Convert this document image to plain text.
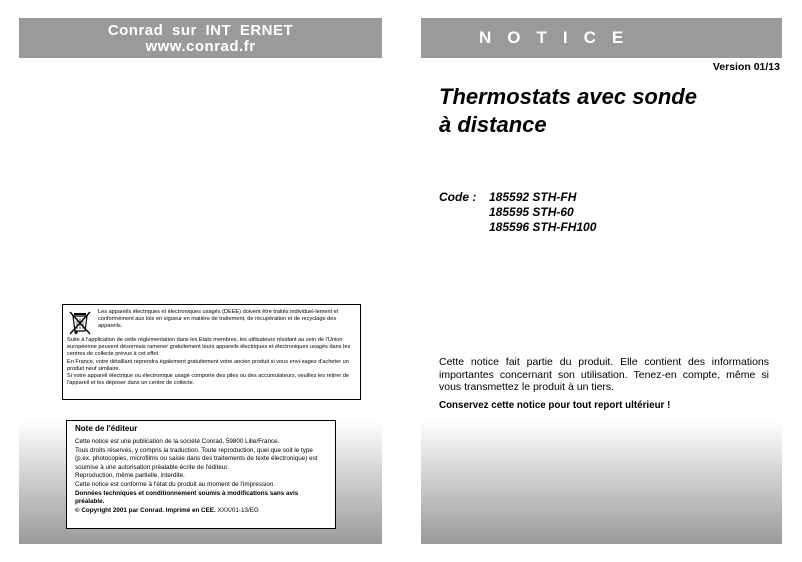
Conrad sur INT ERNET
www.conrad.fr
Les appareils électriques et électroniques usagés (DEEE) doivent être traités individuel-lement et conformément aux lois en vigueur en matière de traitement, de récupération et de recyclage des appareils.

Suite à l'application de cette réglementation dans les Etats membres, les utilisateurs résidant au sein de l'Union européenne peuvent désormais ramener gratuitement leurs appareils électriques et électroniques usagés dans les centres de collecte prévus à cet effet.

En France, votre détaillant reprendra également gratuitement votre ancien produit si vous envi-sagez d'acheter un produit neuf similaire.

Si votre appareil électrique ou électronique usagé comporte des piles ou des accumulateurs, veuillez les retirer de l'appareil et les déposer dans un centre de collecte.

Note de l'éditeur

Cette notice est une publication de la société Conrad, 59800 Lille/France.

Tous droits réservés, y compris la traduction. Toute reproduction, quel que soit le type (p.ex. photocopies, microfilms ou saisie dans des traitements de texte électronique) est soumise à une autorisation préalable écrite de l'éditeur.

Reproduction, même partielle, interdite.

Cette notice est conforme à l'état du produit au moment de l'impression.

Données techniques et conditionnement soumis à modifications sans avis préalable.

© Copyright 2001 par Conrad. Imprimé en CEE. XXX/01-13/EG

NOTICE
Version 01/13
Thermostats avec sonde
à distance
Code :	185592 STH-FH
185595 STH-60
185596 STH-FH100
Cette notice fait partie du produit. Elle contient des informations importantes concernant son utilisation. Tenez-en compte, même si vous transmettez le produit à un tiers.
Conservez cette notice pour tout report ultérieur !
